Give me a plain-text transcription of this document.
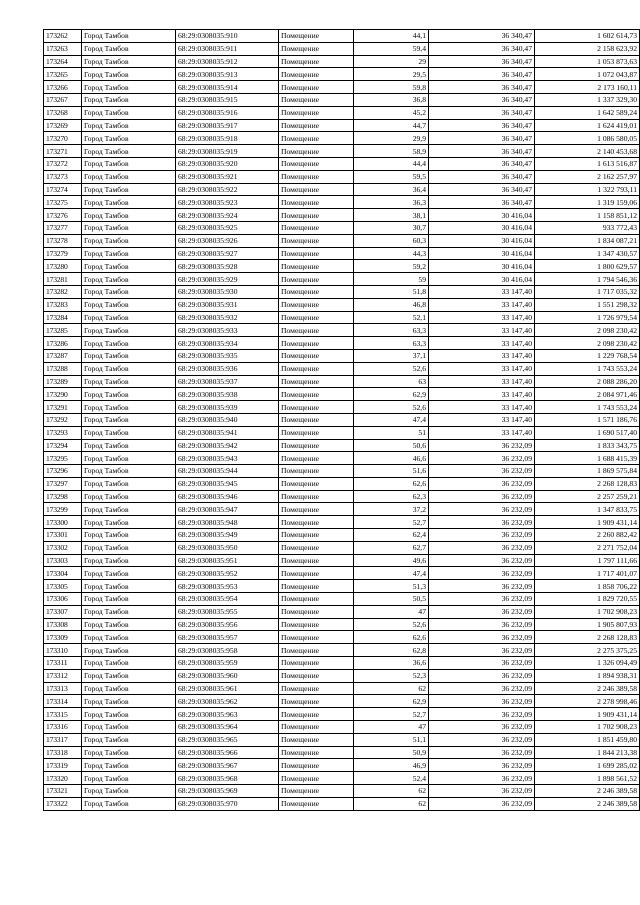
173262	Город Тамбов	68:29:0308035:910	Помещение	44,1	36 340,47	1 602 614,73
173263	Город Тамбов	68:29:0308035:911	Помещение	59,4	36 340,47	2 158 623,92
173264	Город Тамбов	68:29:0308035:912	Помещение	29	36 340,47	1 053 873,63
173265	Город Тамбов	68:29:0308035:913	Помещение	29,5	36 340,47	1 072 043,87
173266	Город Тамбов	68:29:0308035:914	Помещение	59,8	36 340,47	2 173 160,11
173267	Город Тамбов	68:29:0308035:915	Помещение	36,8	36 340,47	1 337 329,30
173268	Город Тамбов	68:29:0308035:916	Помещение	45,2	36 340,47	1 642 589,24
173269	Город Тамбов	68:29:0308035:917	Помещение	44,7	36 340,47	1 624 419,01
173270	Город Тамбов	68:29:0308035:918	Помещение	29,9	36 340,47	1 086 580,05
173271	Город Тамбов	68:29:0308035:919	Помещение	58,9	36 340,47	2 140 453,68
173272	Город Тамбов	68:29:0308035:920	Помещение	44,4	36 340,47	1 613 516,87
173273	Город Тамбов	68:29:0308035:921	Помещение	59,5	36 340,47	2 162 257,97
173274	Город Тамбов	68:29:0308035:922	Помещение	36,4	36 340,47	1 322 793,11
173275	Город Тамбов	68:29:0308035:923	Помещение	36,3	36 340,47	1 319 159,06
173276	Город Тамбов	68:29:0308035:924	Помещение	38,1	30 416,04	1 158 851,12
173277	Город Тамбов	68:29:0308035:925	Помещение	30,7	30 416,04	933 772,43
173278	Город Тамбов	68:29:0308035:926	Помещение	60,3	30 416,04	1 834 087,21
173279	Город Тамбов	68:29:0308035:927	Помещение	44,3	30 416,04	1 347 430,57
173280	Город Тамбов	68:29:0308035:928	Помещение	59,2	30 416,04	1 800 629,57
173281	Город Тамбов	68:29:0308035:929	Помещение	59	30 416,04	1 794 546,36
173282	Город Тамбов	68:29:0308035:930	Помещение	51,8	33 147,40	1 717 035,32
173283	Город Тамбов	68:29:0308035:931	Помещение	46,8	33 147,40	1 551 298,32
173284	Город Тамбов	68:29:0308035:932	Помещение	52,1	33 147,40	1 726 979,54
173285	Город Тамбов	68:29:0308035:933	Помещение	63,3	33 147,40	2 098 230,42
173286	Город Тамбов	68:29:0308035:934	Помещение	63,3	33 147,40	2 098 230,42
173287	Город Тамбов	68:29:0308035:935	Помещение	37,1	33 147,40	1 229 768,54
173288	Город Тамбов	68:29:0308035:936	Помещение	52,6	33 147,40	1 743 553,24
173289	Город Тамбов	68:29:0308035:937	Помещение	63	33 147,40	2 088 286,20
173290	Город Тамбов	68:29:0308035:938	Помещение	62,9	33 147,40	2 084 971,46
173291	Город Тамбов	68:29:0308035:939	Помещение	52,6	33 147,40	1 743 553,24
173292	Город Тамбов	68:29:0308035:940	Помещение	47,4	33 147,40	1 571 186,76
173293	Город Тамбов	68:29:0308035:941	Помещение	51	33 147,40	1 690 517,40
173294	Город Тамбов	68:29:0308035:942	Помещение	50,6	36 232,09	1 833 343,75
173295	Город Тамбов	68:29:0308035:943	Помещение	46,6	36 232,09	1 688 415,39
173296	Город Тамбов	68:29:0308035:944	Помещение	51,6	36 232,09	1 869 575,84
173297	Город Тамбов	68:29:0308035:945	Помещение	62,6	36 232,09	2 268 128,83
173298	Город Тамбов	68:29:0308035:946	Помещение	62,3	36 232,09	2 257 259,21
173299	Город Тамбов	68:29:0308035:947	Помещение	37,2	36 232,09	1 347 833,75
173300	Город Тамбов	68:29:0308035:948	Помещение	52,7	36 232,09	1 909 431,14
173301	Город Тамбов	68:29:0308035:949	Помещение	62,4	36 232,09	2 260 882,42
173302	Город Тамбов	68:29:0308035:950	Помещение	62,7	36 232,09	2 271 752,04
173303	Город Тамбов	68:29:0308035:951	Помещение	49,6	36 232,09	1 797 111,66
173304	Город Тамбов	68:29:0308035:952	Помещение	47,4	36 232,09	1 717 401,07
173305	Город Тамбов	68:29:0308035:953	Помещение	51,3	36 232,09	1 858 706,22
173306	Город Тамбов	68:29:0308035:954	Помещение	50,5	36 232,09	1 829 720,55
173307	Город Тамбов	68:29:0308035:955	Помещение	47	36 232,09	1 702 908,23
173308	Город Тамбов	68:29:0308035:956	Помещение	52,6	36 232,09	1 905 807,93
173309	Город Тамбов	68:29:0308035:957	Помещение	62,6	36 232,09	2 268 128,83
173310	Город Тамбов	68:29:0308035:958	Помещение	62,8	36 232,09	2 275 375,25
173311	Город Тамбов	68:29:0308035:959	Помещение	36,6	36 232,09	1 326 094,49
173312	Город Тамбов	68:29:0308035:960	Помещение	52,3	36 232,09	1 894 938,31
173313	Город Тамбов	68:29:0308035:961	Помещение	62	36 232,09	2 246 389,58
173314	Город Тамбов	68:29:0308035:962	Помещение	62,9	36 232,09	2 278 998,46
173315	Город Тамбов	68:29:0308035:963	Помещение	52,7	36 232,09	1 909 431,14
173316	Город Тамбов	68:29:0308035:964	Помещение	47	36 232,09	1 702 908,23
173317	Город Тамбов	68:29:0308035:965	Помещение	51,1	36 232,09	1 851 459,80
173318	Город Тамбов	68:29:0308035:966	Помещение	50,9	36 232,09	1 844 213,38
173319	Город Тамбов	68:29:0308035:967	Помещение	46,9	36 232,09	1 699 285,02
173320	Город Тамбов	68:29:0308035:968	Помещение	52,4	36 232,09	1 898 561,52
173321	Город Тамбов	68:29:0308035:969	Помещение	62	36 232,09	2 246 389,58
173322	Город Тамбов	68:29:0308035:970	Помещение	62	36 232,09	2 246 389,58
